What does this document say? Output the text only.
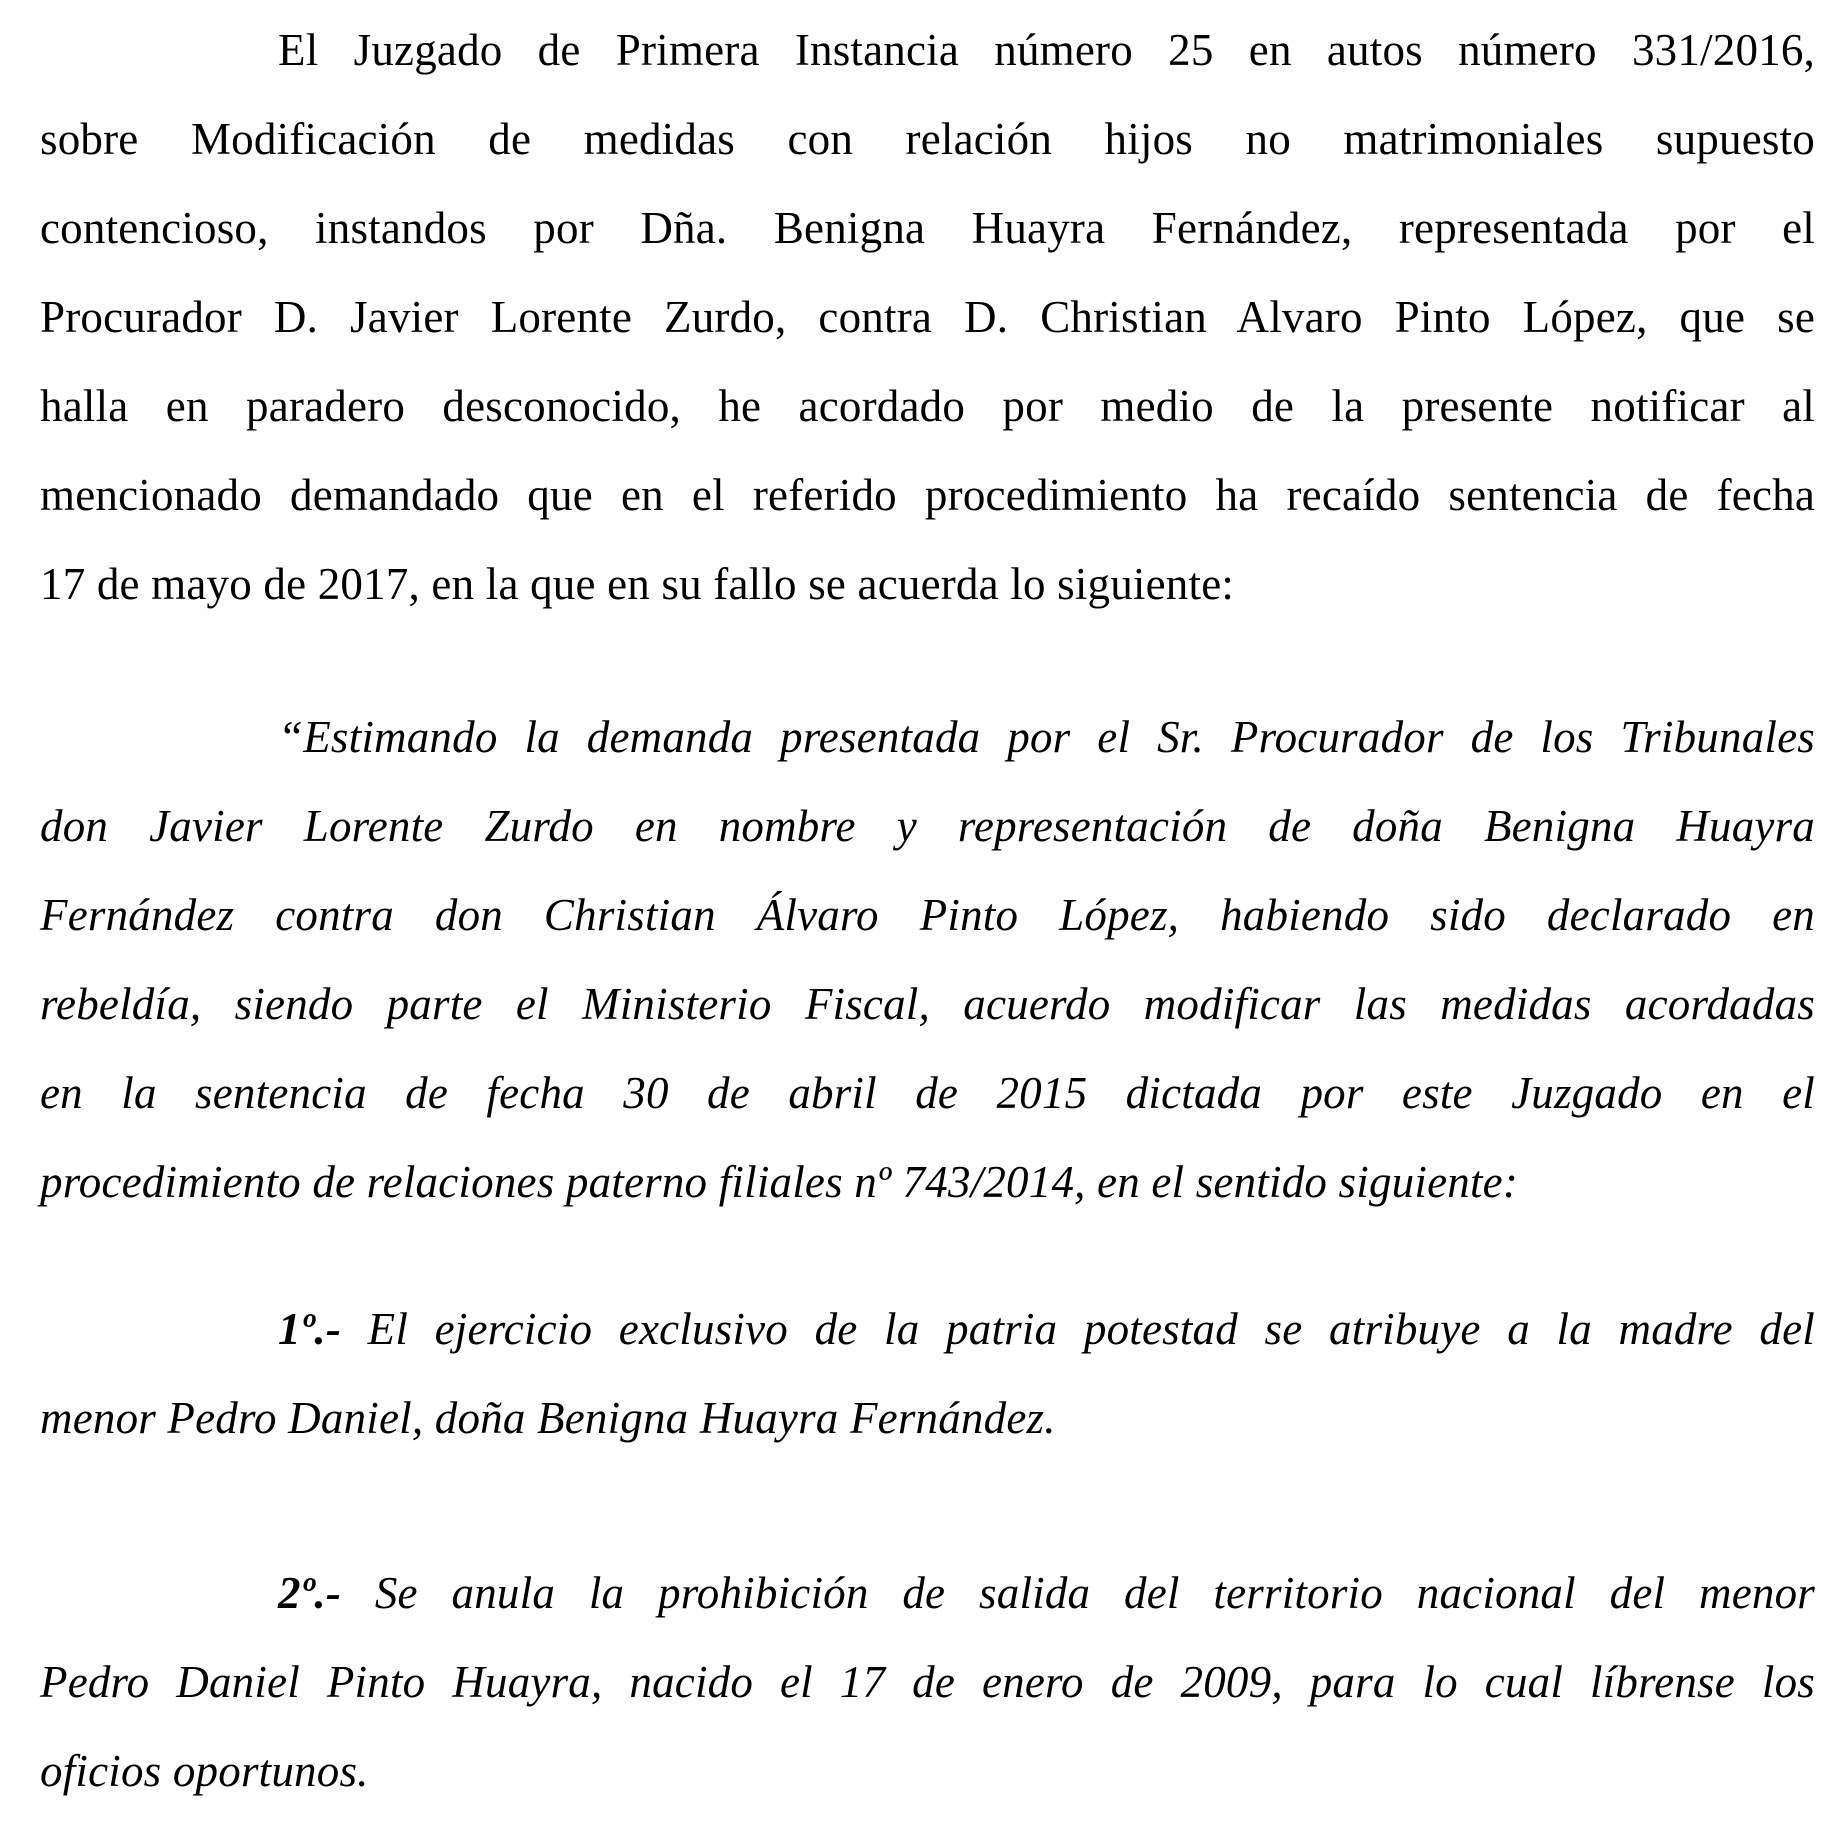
El Juzgado de Primera Instancia número 25 en autos número 331/2016,
sobre Modificación de medidas con relación hijos no matrimoniales supuesto
contencioso, instandos por Dña. Benigna Huayra Fernández, representada por el
Procurador D. Javier Lorente Zurdo, contra D. Christian Alvaro Pinto López, que se
halla en paradero desconocido, he acordado por medio de la presente notificar al
mencionado demandado que en el referido procedimiento ha recaído sentencia de fecha
17 de mayo de 2017, en la que en su fallo se acuerda lo siguiente:
“Estimando la demanda presentada por el Sr. Procurador de los Tribunales
don Javier Lorente Zurdo en nombre y representación de doña Benigna Huayra
Fernández contra don Christian Álvaro Pinto López, habiendo sido declarado en
rebeldía, siendo parte el Ministerio Fiscal, acuerdo modificar las medidas acordadas
en la sentencia de fecha 30 de abril de 2015 dictada por este Juzgado en el
procedimiento de relaciones paterno filiales nº 743/2014, en el sentido siguiente:
1º.- El ejercicio exclusivo de la patria potestad se atribuye a la madre del
menor Pedro Daniel, doña Benigna Huayra Fernández.
2º.- Se anula la prohibición de salida del territorio nacional del menor
Pedro Daniel Pinto Huayra, nacido el 17 de enero de 2009, para lo cual líbrense los
oficios oportunos.
